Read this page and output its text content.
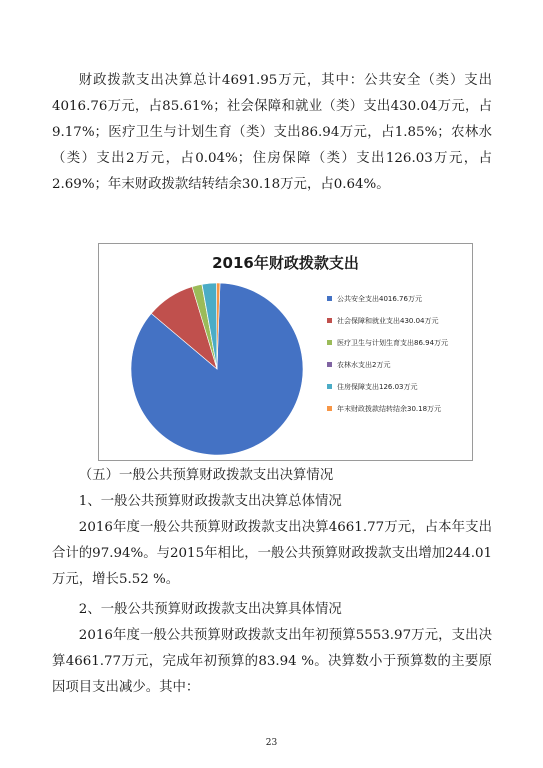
财政拨款支出决算总计4691.95万元，其中：公共安全（类）支出4016.76万元，占85.61%；社会保障和就业（类）支出430.04万元，占9.17%；医疗卫生与计划生育（类）支出86.94万元，占1.85%；农林水（类）支出2万元，占0.04%；住房保障（类）支出126.03万元，占2.69%；年末财政拨款结转结余30.18万元，占0.64%。

2016年财政拨款支出
公共安全支出4016.76万元
社会保障和就业支出430.04万元
医疗卫生与计划生育支出86.94万元
农林水支出2万元
住房保障支出126.03万元
年末财政拨款结转结余30.18万元

（五）一般公共预算财政拨款支出决算情况

1、一般公共预算财政拨款支出决算总体情况

2016年度一般公共预算财政拨款支出决算4661.77万元，占本年支出合计的97.94%。与2015年相比，一般公共预算财政拨款支出增加244.01万元，增长5.52 %。

2、一般公共预算财政拨款支出决算具体情况

2016年度一般公共预算财政拨款支出年初预算5553.97万元，支出决算4661.77万元，完成年初预算的83.94 %。决算数小于预算数的主要原因项目支出减少。其中：

23
